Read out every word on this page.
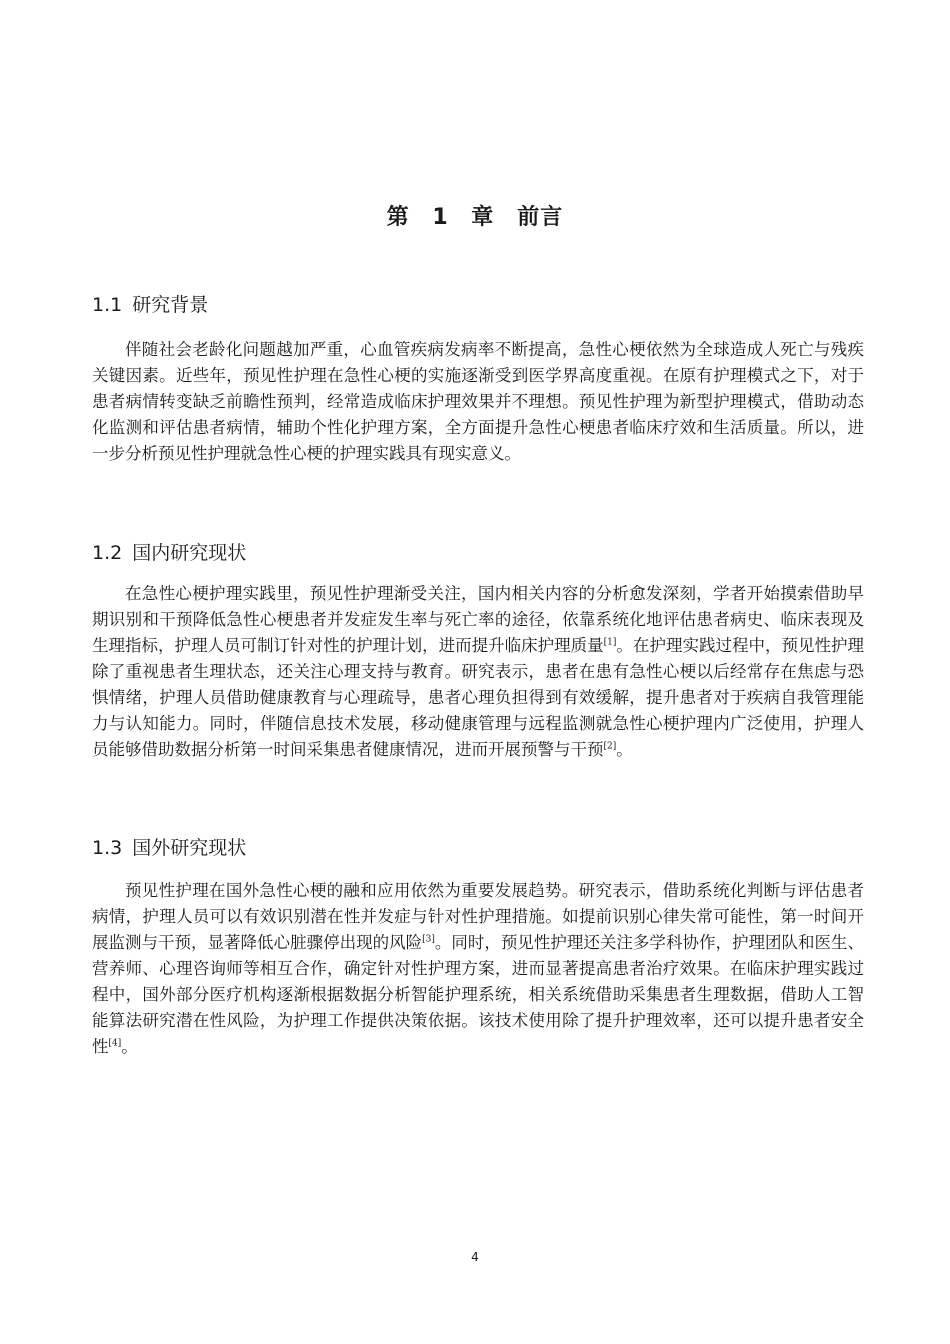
第 1 章　前言
1.1 研究背景

伴随社会老龄化问题越加严重，心血管疾病发病率不断提高，急性心梗依然为全球造成人死亡与残疾关键因素。近些年，预见性护理在急性心梗的实施逐渐受到医学界高度重视。在原有护理模式之下，对于患者病情转变缺乏前瞻性预判，经常造成临床护理效果并不理想。预见性护理为新型护理模式，借助动态化监测和评估患者病情，辅助个性化护理方案，全方面提升急性心梗患者临床疗效和生活质量。所以，进一步分析预见性护理就急性心梗的护理实践具有现实意义。

1.2 国内研究现状

在急性心梗护理实践里，预见性护理渐受关注，国内相关内容的分析愈发深刻，学者开始摸索借助早期识别和干预降低急性心梗患者并发症发生率与死亡率的途径，依靠系统化地评估患者病史、临床表现及生理指标，护理人员可制订针对性的护理计划，进而提升临床护理质量[1]。在护理实践过程中，预见性护理除了重视患者生理状态，还关注心理支持与教育。研究表示，患者在患有急性心梗以后经常存在焦虑与恐惧情绪，护理人员借助健康教育与心理疏导，患者心理负担得到有效缓解，提升患者对于疾病自我管理能力与认知能力。同时，伴随信息技术发展，移动健康管理与远程监测就急性心梗护理内广泛使用，护理人员能够借助数据分析第一时间采集患者健康情况，进而开展预警与干预[2]。

1.3 国外研究现状

预见性护理在国外急性心梗的融和应用依然为重要发展趋势。研究表示，借助系统化判断与评估患者病情，护理人员可以有效识别潜在性并发症与针对性护理措施。如提前识别心律失常可能性，第一时间开展监测与干预，显著降低心脏骤停出现的风险[3]。同时，预见性护理还关注多学科协作，护理团队和医生、营养师、心理咨询师等相互合作，确定针对性护理方案，进而显著提高患者治疗效果。在临床护理实践过程中，国外部分医疗机构逐渐根据数据分析智能护理系统，相关系统借助采集患者生理数据，借助人工智能算法研究潜在性风险，为护理工作提供决策依据。该技术使用除了提升护理效率，还可以提升患者安全性[4]。

4
